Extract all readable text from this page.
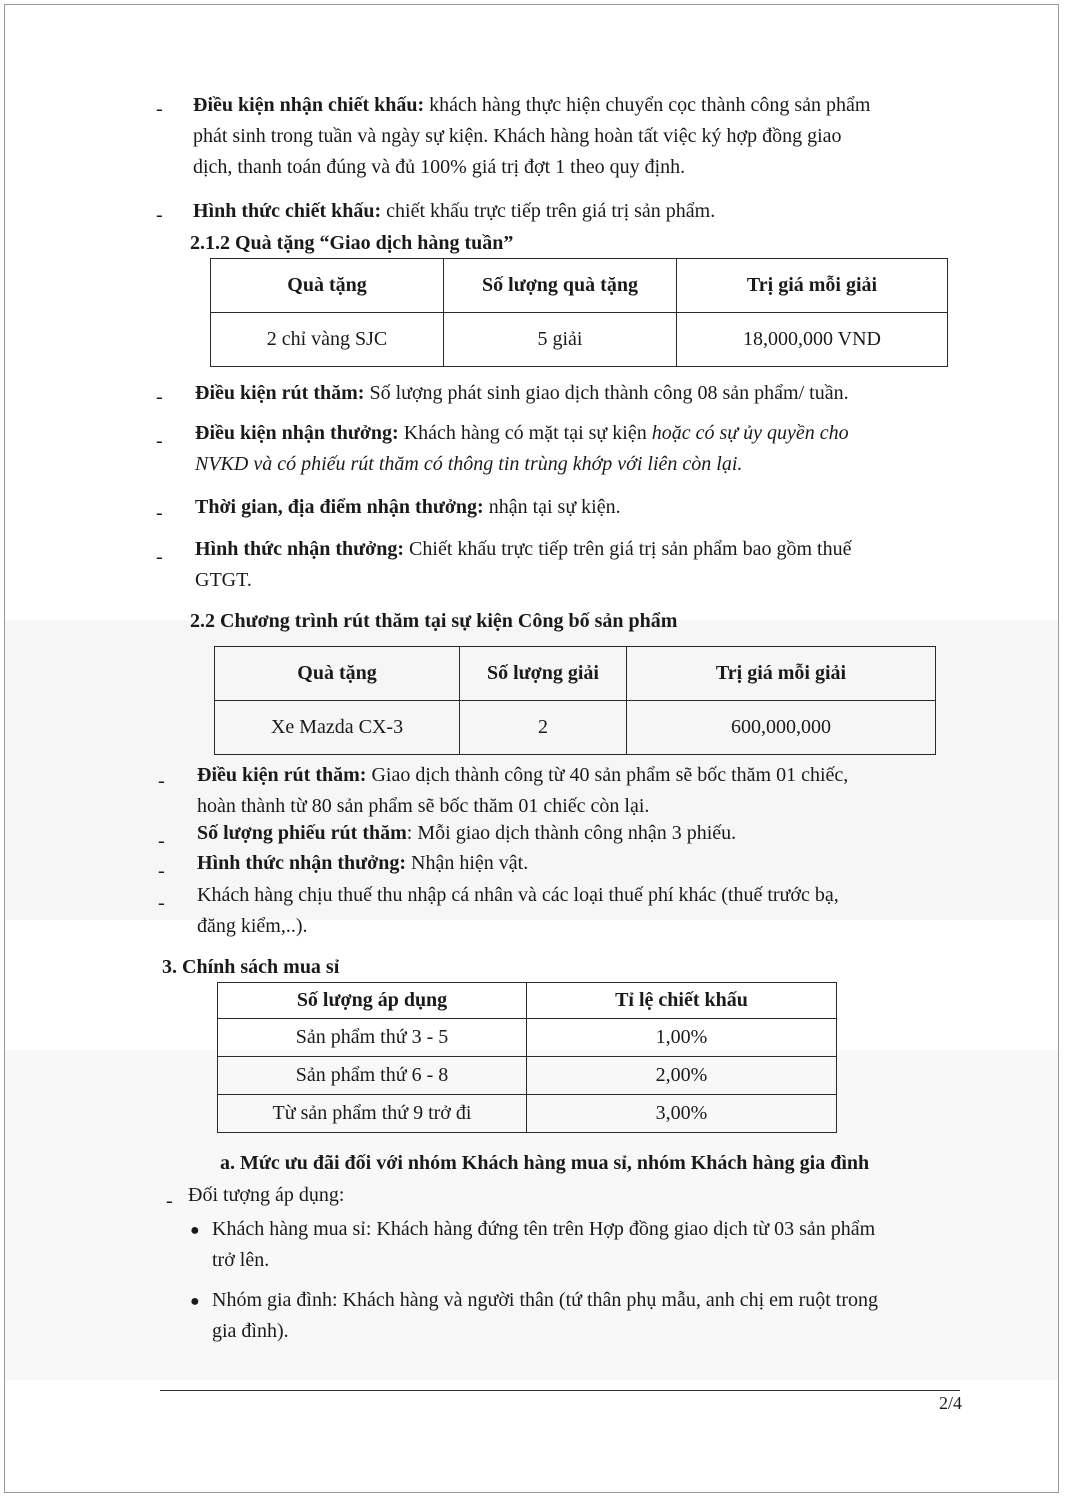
- Điều kiện nhận chiết khấu: khách hàng thực hiện chuyển cọc thành công sản phẩm
phát sinh trong tuần và ngày sự kiện. Khách hàng hoàn tất việc ký hợp đồng giao
dịch, thanh toán đúng và đủ 100% giá trị đợt 1 theo quy định.
- Hình thức chiết khấu: chiết khấu trực tiếp trên giá trị sản phẩm.
2.1.2 Quà tặng “Giao dịch hàng tuần”
Quà tặng	Số lượng quà tặng	Trị giá mỗi giải
2 chỉ vàng SJC	5 giải	18,000,000 VND
- Điều kiện rút thăm: Số lượng phát sinh giao dịch thành công 08 sản phẩm/ tuần.
- Điều kiện nhận thưởng: Khách hàng có mặt tại sự kiện hoặc có sự ủy quyền cho
NVKD và có phiếu rút thăm có thông tin trùng khớp với liên còn lại.
- Thời gian, địa điểm nhận thưởng: nhận tại sự kiện.
- Hình thức nhận thưởng: Chiết khấu trực tiếp trên giá trị sản phẩm bao gồm thuế
GTGT.
2.2 Chương trình rút thăm tại sự kiện Công bố sản phẩm
Quà tặng	Số lượng giải	Trị giá mỗi giải
Xe Mazda CX-3	2	600,000,000
- Điều kiện rút thăm: Giao dịch thành công từ 40 sản phẩm sẽ bốc thăm 01 chiếc,
hoàn thành từ 80 sản phẩm sẽ bốc thăm 01 chiếc còn lại.
- Số lượng phiếu rút thăm: Mỗi giao dịch thành công nhận 3 phiếu.
- Hình thức nhận thưởng: Nhận hiện vật.
- Khách hàng chịu thuế thu nhập cá nhân và các loại thuế phí khác (thuế trước bạ,
đăng kiểm,..).
3. Chính sách mua sỉ
Số lượng áp dụng	Tỉ lệ chiết khấu
Sản phẩm thứ 3 - 5	1,00%
Sản phẩm thứ 6 - 8	2,00%
Từ sản phẩm thứ 9 trở đi	3,00%
a. Mức ưu đãi đối với nhóm Khách hàng mua sỉ, nhóm Khách hàng gia đình
- Đối tượng áp dụng:
● Khách hàng mua sỉ: Khách hàng đứng tên trên Hợp đồng giao dịch từ 03 sản phẩm
trở lên.
● Nhóm gia đình: Khách hàng và người thân (tứ thân phụ mẫu, anh chị em ruột trong
gia đình).
2/4
